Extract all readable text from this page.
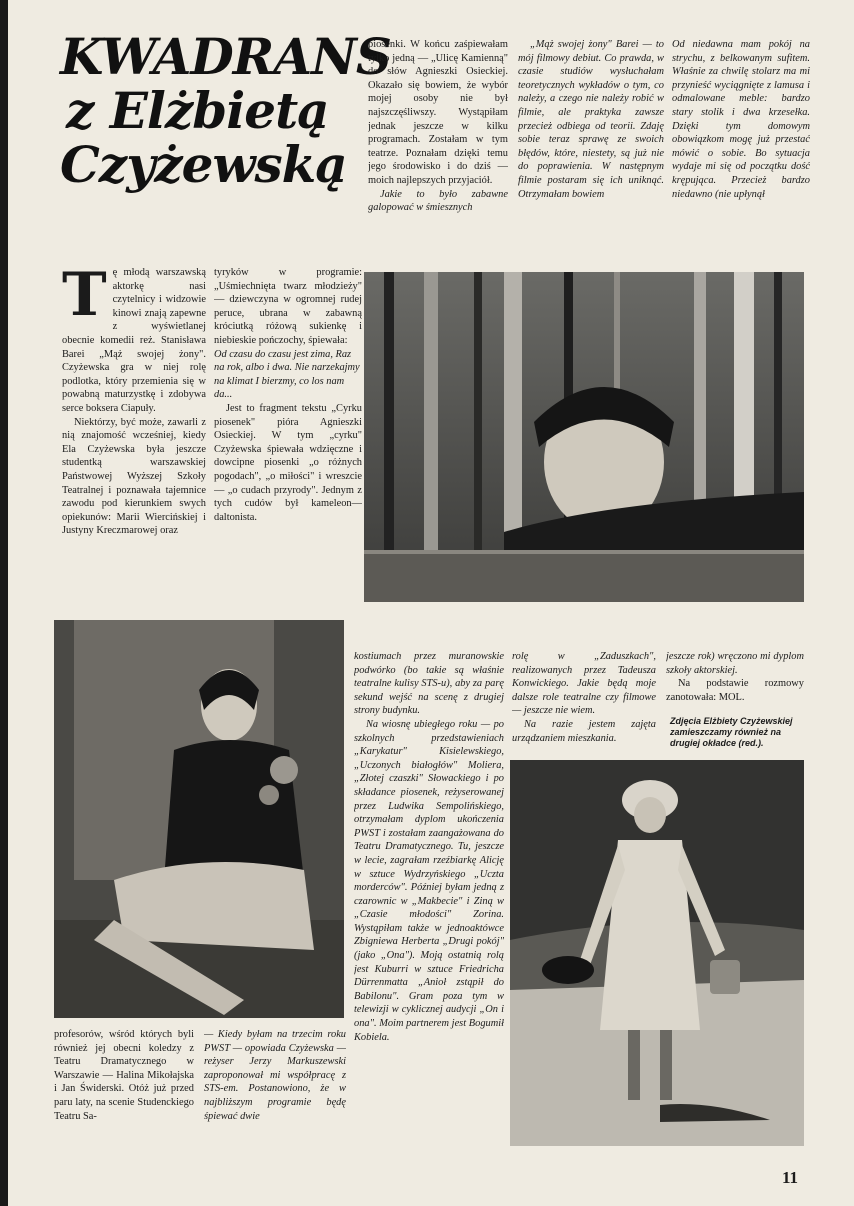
KWADRANS
z Elżbietą
Czyżewską

piosenki. W końcu zaśpiewałam tylko jedną — „Ulicę Kamienną" do słów Agnieszki Osieckiej. Okazało się bowiem, że wybór mojej osoby nie był najszczęśliwszy. Wystąpiłam jednak jeszcze w kilku programach. Zostałam w tym teatrze. Poznałam dzięki temu jego środowisko i do dziś — moich najlepszych przyjaciół.

Jakie to było zabawne galopować w śmiesznych

„Mąż swojej żony" Barei — to mój filmowy debiut. Co prawda, w czasie studiów wysłuchałam teoretycznych wykładów o tym, co należy, a czego nie należy robić w filmie, ale praktyka zawsze przecież odbiega od teorii. Zdaję sobie teraz sprawę ze swoich błędów, które, niestety, są już nie do poprawienia. W następnym filmie postaram się ich uniknąć. Otrzymałam bowiem

Od niedawna mam pokój na strychu, z belkowanym sufitem. Właśnie za chwilę stolarz ma mi przynieść wyciągnięte z lamusa i odmalowane meble: bardzo stary stolik i dwa krzesełka. Dzięki tym domowym obowiązkom mogę już przestać mówić o sobie. Bo sytuacja wydaje mi się od początku dość krępująca. Przecież bardzo niedawno (nie upłynął

Tę młodą warszawską aktorkę nasi czytelnicy i widzowie kinowi znają zapewne z wyświetlanej obecnie komedii reż. Stanisława Barei „Mąż swojej żony". Czyżewska gra w niej rolę podlotka, który przemienia się w powabną maturzystkę i zdobywa serce boksera Ciapuły.

Niektórzy, być może, zawarli z nią znajomość wcześniej, kiedy Ela Czyżewska była jeszcze studentką warszawskiej Państwowej Wyższej Szkoły Teatralnej i poznawała tajemnice zawodu pod kierunkiem swych opiekunów: Marii Wiercińskiej i Justyny Kreczmarowej oraz

tyryków w programie: „Uśmiechnięta twarz młodzieży" — dziewczyna w ogromnej rudej peruce, ubrana w zabawną króciutką różową sukienkę i niebieskie pończochy, śpiewała:

Od czasu do czasu jest zima, Raz na rok, albo i dwa. Nie narzekajmy na klimat I bierzmy, co los nam da...

Jest to fragment tekstu „Cyrku piosenek" pióra Agnieszki Osieckiej. W tym „cyrku" Czyżewska śpiewała wdzięczne i dowcipne piosenki „o różnych pogodach", „o miłości" i wreszcie — „o cudach przyrody". Jednym z tych cudów był kameleon—daltonista.

profesorów, wśród których byli również jej obecni koledzy z Teatru Dramatycznego w Warszawie — Halina Mikołajska i Jan Świderski. Otóż już przed paru laty, na scenie Studenckiego Teatru Sa-

— Kiedy byłam na trzecim roku PWST — opowiada Czyżewska — reżyser Jerzy Markuszewski zaproponował mi współpracę z STS-em. Postanowiono, że w najbliższym programie będę śpiewać dwie

kostiumach przez muranowskie podwórko (bo takie są właśnie teatralne kulisy STS-u), aby za parę sekund wejść na scenę z drugiej strony budynku.

Na wiosnę ubiegłego roku — po szkolnych przedstawieniach „Karykatur" Kisielewskiego, „Uczonych białogłów" Moliera, „Złotej czaszki" Słowackiego i po składance piosenek, reżyserowanej przez Ludwika Sempolińskiego, otrzymałam dyplom ukończenia PWST i zostałam zaangażowana do Teatru Dramatycznego. Tu, jeszcze w lecie, zagrałam rzeźbiarkę Alicję w sztuce Wydrzyńskiego „Uczta morderców". Później byłam jedną z czarownic w „Makbecie" i Ziną w „Czasie młodości" Zorina. Wystąpiłam także w jednoaktówce Zbigniewa Herberta „Drugi pokój" (jako „Ona"). Moją ostatnią rolą jest Kuburri w sztuce Friedricha Dürrenmatta „Anioł zstąpił do Babilonu". Gram poza tym w telewizji w cyklicznej audycji „On i ona". Moim partnerem jest Bogumił Kobiela.

rolę w „Zaduszkach", realizowanych przez Tadeusza Konwickiego. Jakie będą moje dalsze role teatralne czy filmowe — jeszcze nie wiem.

Na razie jestem zajęta urządzaniem mieszkania.

jeszcze rok) wręczono mi dyplom szkoły aktorskiej.

Na podstawie rozmowy zanotowała: MOL.

Zdjęcia Elżbiety Czyżewskiej zamieszczamy również na drugiej okładce (red.).
11
